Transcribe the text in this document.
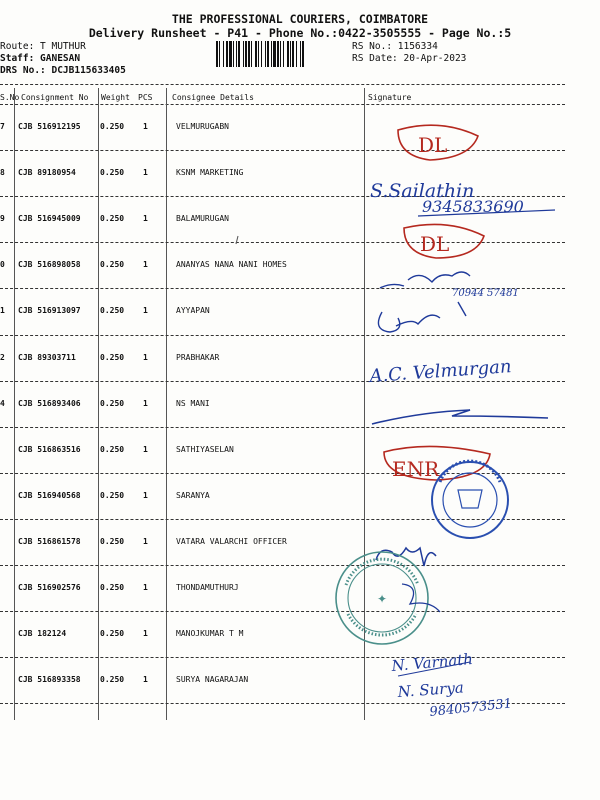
THE PROFESSIONAL COURIERS, COIMBATORE
Delivery Runsheet - P41 - Phone No.:0422-3505555 - Page No.:5
Route: T MUTHUR
Staff: GANESAN
DRS No.: DCJB115633405
RS No.: 1156334
RS Date: 20-Apr-2023
S.No Consignment No Weight PCS Consignee Details	Signature
7 CJB 516912195 0.250 1	VELMURUGABN
8 CJB 89180954	0.250 1	KSNM MARKETING
9 CJB 516945009 0.250 1	BALAMURUGAN
0 CJB 516898058 0.250 1	ANANYAS NANA NANI HOMES
1 CJB 516913097 0.250 1	AYYAPAN
2 CJB 89303711	0.250 1	PRABHAKAR
4 CJB 516893406 0.250 1	NS MANI
CJB 516863516 0.250 1	SATHIYASELAN
CJB 516940568 0.250 1	SARANYA
CJB 516861578 0.250 1	VATARA VALARCHI OFFICER
CJB 516902576 0.250 1	THONDAMUTHURJ
CJB 182124	0.250 1	MANOJKUMAR T M
CJB 516893358 0.250 1	SURYA NAGARAJAN
DL
S.Sailathin
9345833690
DL
70944 57481
A.C. Velmurgan
ENR
✦
N. Varnath
N. Surya
9840573531
